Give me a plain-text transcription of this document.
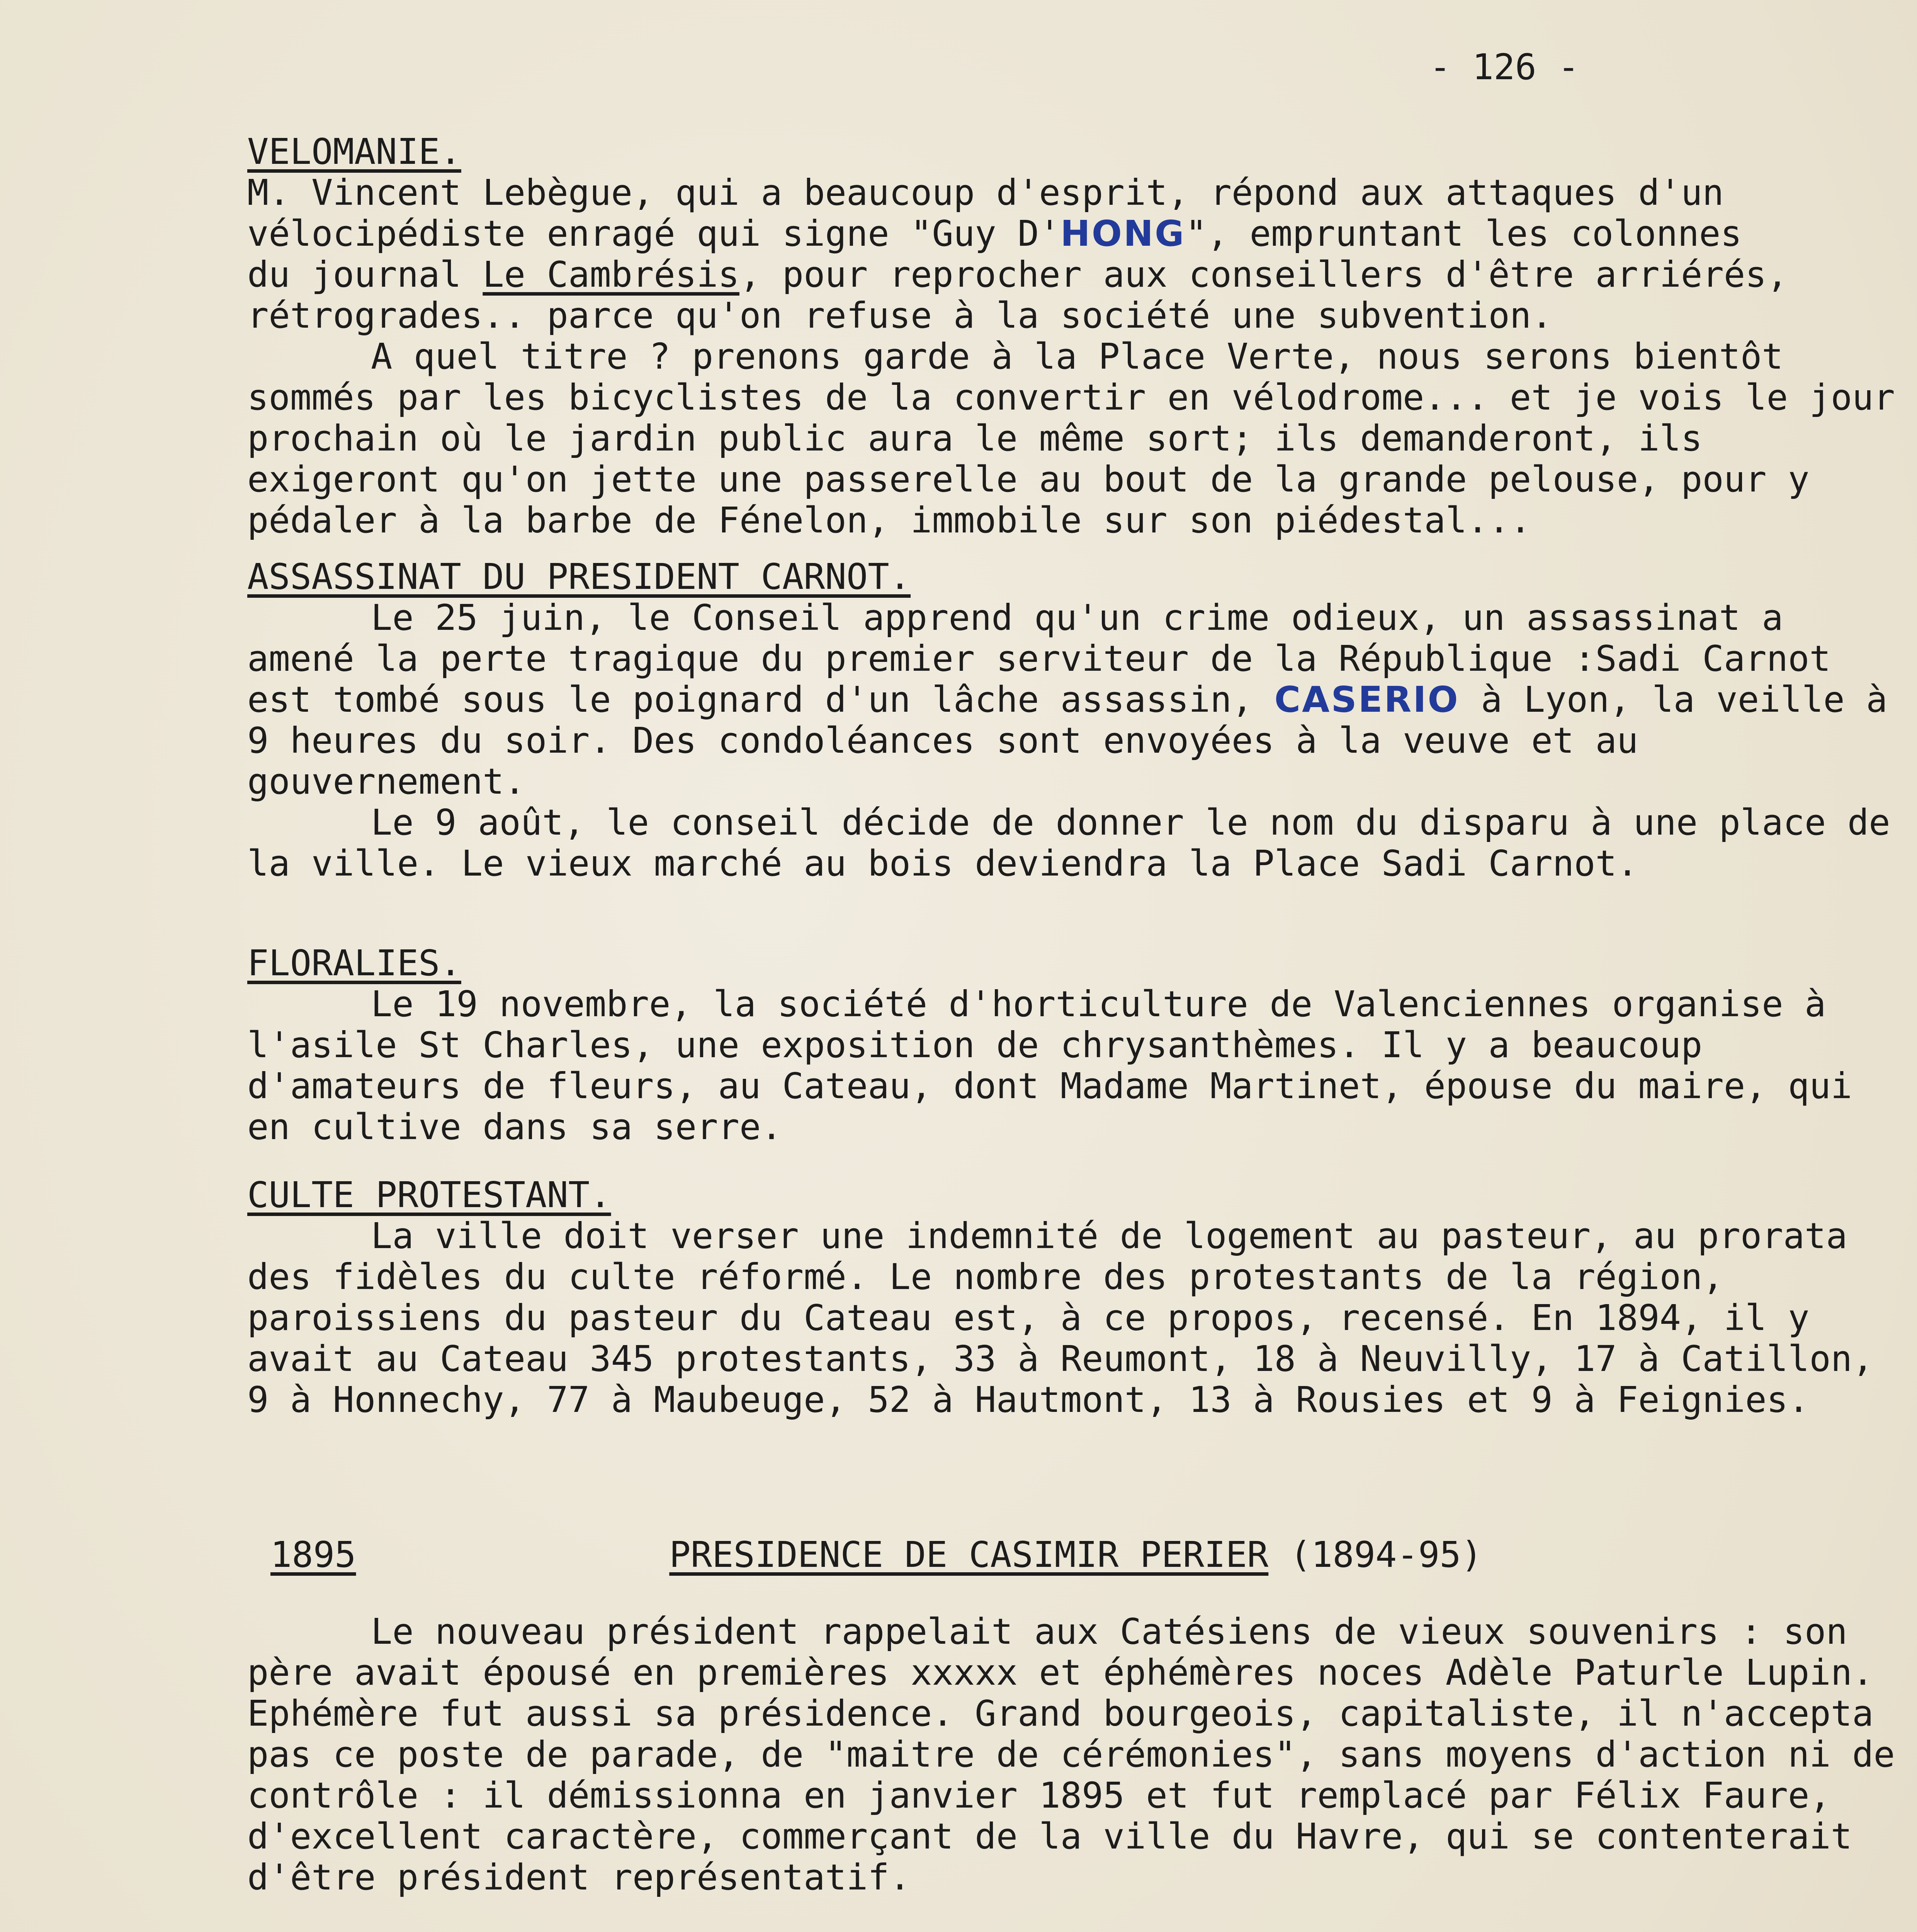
- 126 -

VELOMANIE.

M. Vincent Lebègue, qui a beaucoup d'esprit, répond aux attaques d'un

vélocipédiste enragé qui signe "Guy D'HONG", empruntant les colonnes

du journal Le Cambrésis, pour reprocher aux conseillers d'être arriérés,

rétrogrades.. parce qu'on refuse à la société une subvention.

A quel titre ? prenons garde à la Place Verte, nous serons bientôt sommés par les bicyclistes de la convertir en vélodrome... et je vois le jour prochain où le jardin public aura le même sort; ils demanderont, ils exigeront qu'on jette une passerelle au bout de la grande pelouse, pour y pédaler à la barbe de Fénelon, immobile sur son piédestal...

ASSASSINAT DU PRESIDENT CARNOT.

Le 25 juin, le Conseil apprend qu'un crime odieux, un assassinat a amené la perte tragique du premier serviteur de la République :Sadi Carnot est tombé sous le poignard d'un lâche assassin, CASERIO à Lyon, la veille à 9 heures du soir. Des condoléances sont envoyées à la veuve et au gouvernement.

Le 9 août, le conseil décide de donner le nom du disparu à une place de la ville. Le vieux marché au bois deviendra la Place Sadi Carnot.

FLORALIES.

Le 19 novembre, la société d'horticulture de Valenciennes organise à l'asile St Charles, une exposition de chrysanthèmes. Il y a beaucoup d'amateurs de fleurs, au Cateau, dont Madame Martinet, épouse du maire, qui en cultive dans sa serre.

CULTE PROTESTANT.

La ville doit verser une indemnité de logement au pasteur, au prorata des fidèles du culte réformé. Le nombre des protestants de la région, paroissiens du pasteur du Cateau est, à ce propos, recensé. En 1894, il y avait au Cateau 345 protestants, 33 à Reumont, 18 à Neuvilly, 17 à Catillon, 9 à Honnechy, 77 à Maubeuge, 52 à Hautmont, 13 à Rousies et 9 à Feignies.

1895	PRESIDENCE DE CASIMIR PERIER (1894-95)

Le nouveau président rappelait aux Catésiens de vieux souvenirs : son père avait épousé en premières xxxxx et éphémères noces Adèle Paturle Lupin. Ephémère fut aussi sa présidence. Grand bourgeois, capitaliste, il n'accepta pas ce poste de parade, de "maitre de cérémonies", sans moyens d'action ni de contrôle : il démissionna en janvier 1895 et fut remplacé par Félix Faure, d'excellent caractère, commerçant de la ville du Havre, qui se contenterait d'être président représentatif.
